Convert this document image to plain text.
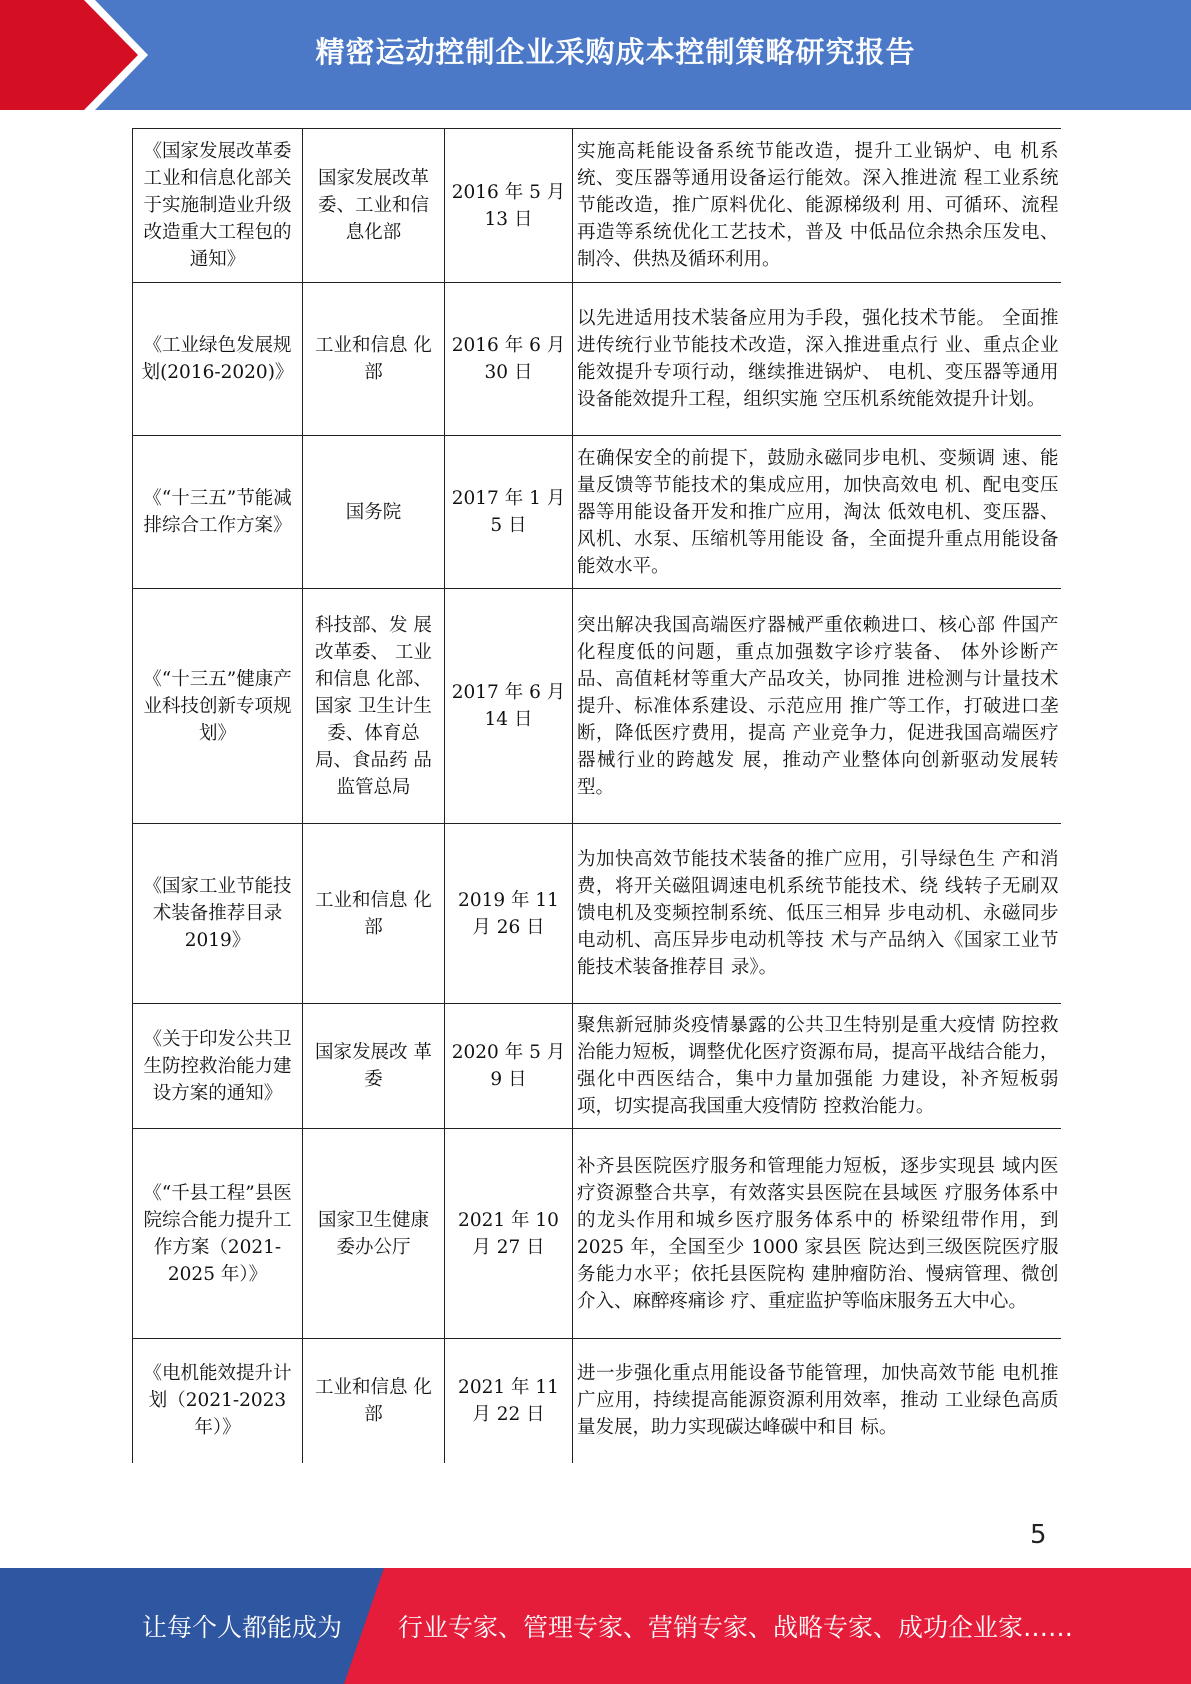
精密运动控制企业采购成本控制策略研究报告
《国家发展改革委工业和信息化部关于实施制造业升级改造重大工程包的通知》	国家发展改革委、工业和信息化部	2016 年 5 月 13 日	实施高耗能设备系统节能改造，提升工业锅炉、电 机系统、变压器等通用设备运行能效。深入推进流 程工业系统节能改造，推广原料优化、能源梯级利 用、可循环、流程再造等系统优化工艺技术，普及 中低品位余热余压发电、制冷、供热及循环利用。
《工业绿色发展规划(2016-2020)》	工业和信息 化部	2016 年 6 月 30 日	以先进适用技术装备应用为手段，强化技术节能。 全面推进传统行业节能技术改造，深入推进重点行 业、重点企业能效提升专项行动，继续推进锅炉、 电机、变压器等通用设备能效提升工程，组织实施 空压机系统能效提升计划。
《“十三五”节能减排综合工作方案》	国务院	2017 年 1 月 5 日	在确保安全的前提下，鼓励永磁同步电机、变频调 速、能量反馈等节能技术的集成应用，加快高效电 机、配电变压器等用能设备开发和推广应用，淘汰 低效电机、变压器、风机、水泵、压缩机等用能设 备，全面提升重点用能设备能效水平。
《“十三五”健康产业科技创新专项规划》	科技部、发 展改革委、 工业和信息 化部、国家 卫生计生委、体育总局、食品药 品监管总局	2017 年 6 月 14 日	突出解决我国高端医疗器械严重依赖进口、核心部 件国产化程度低的问题，重点加强数字诊疗装备、 体外诊断产品、高值耗材等重大产品攻关，协同推 进检测与计量技术提升、标准体系建设、示范应用 推广等工作，打破进口垄断，降低医疗费用，提高 产业竞争力，促进我国高端医疗器械行业的跨越发 展，推动产业整体向创新驱动发展转型。
《国家工业节能技术装备推荐目录 2019》	工业和信息 化部	2019 年 11 月 26 日	为加快高效节能技术装备的推广应用，引导绿色生 产和消费，将开关磁阻调速电机系统节能技术、绕 线转子无刷双馈电机及变频控制系统、低压三相异 步电动机、永磁同步电动机、高压异步电动机等技 术与产品纳入《国家工业节能技术装备推荐目 录》。
《关于印发公共卫生防控救治能力建设方案的通知》	国家发展改 革委	2020 年 5 月 9 日	聚焦新冠肺炎疫情暴露的公共卫生特别是重大疫情 防控救治能力短板，调整优化医疗资源布局，提高平战结合能力，强化中西医结合，集中力量加强能 力建设，补齐短板弱项，切实提高我国重大疫情防 控救治能力。
《“千县工程”县医院综合能力提升工作方案（2021-2025 年）》	国家卫生健康委办公厅	2021 年 10 月 27 日	补齐县医院医疗服务和管理能力短板，逐步实现县 域内医疗资源整合共享，有效落实县医院在县域医 疗服务体系中的龙头作用和城乡医疗服务体系中的 桥梁纽带作用，到 2025 年，全国至少 1000 家县医 院达到三级医院医疗服务能力水平；依托县医院构 建肿瘤防治、慢病管理、微创介入、麻醉疼痛诊 疗、重症监护等临床服务五大中心。
《电机能效提升计划（2021-2023 年）》	工业和信息 化部	2021 年 11 月 22 日	进一步强化重点用能设备节能管理，加快高效节能 电机推广应用，持续提高能源资源利用效率，推动 工业绿色高质量发展，助力实现碳达峰碳中和目 标。
5
让每个人都能成为 行业专家、管理专家、营销专家、战略专家、成功企业家……
